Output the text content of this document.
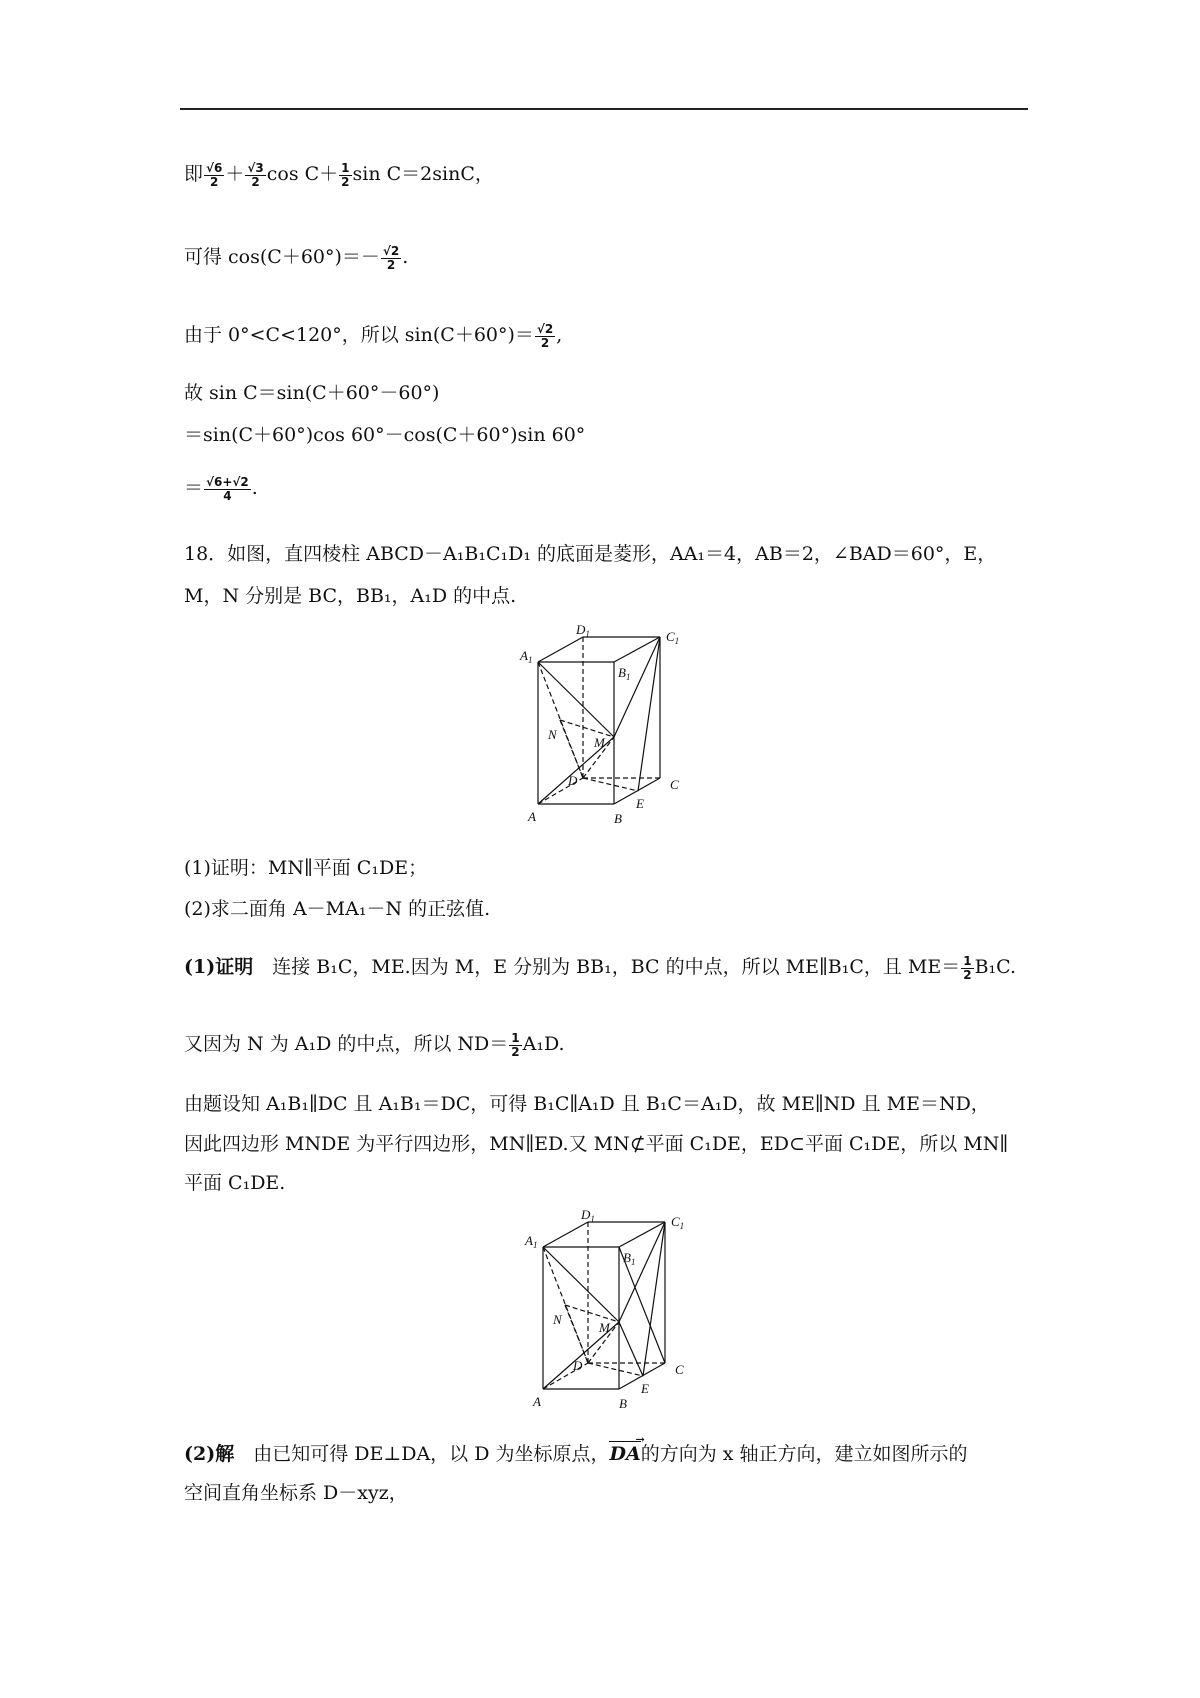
即 $\frac{√6}{2} + \frac{√3}{2}$ $\cos C+ \frac{1}{2}$ sin C＝2sinC，
可得 $\cos(C+60^\circ)=- \frac{√2}{2}$ .
由于 0°<C<120°，所以 $\sin(C+60^\circ)= \frac{√2}{2}$ ,
故 sin C＝sin(C＋60°－60°)
＝sin(C＋60°)cos 60°－cos(C＋60°)sin 60°
＝ $\frac{√6+√2}{4}$ .
18．如图，直四棱柱 ABCD－A₁B₁C₁D₁ 的底面是菱形，AA₁＝4，AB＝2，∠BAD＝60°，E，
M，N 分别是 BC，BB₁，A₁D 的中点.
$A_1$
$D_1$	$C_1$
$B_1$
N
M
D
A	B
E
C
(1)证明：MN∥平面 C₁DE；
(2)求二面角 A－MA₁－N 的正弦值.
(1)证明　连接 B₁C，ME.因为 M，E 分别为 BB₁，BC 的中点，所以 ME∥B₁C，且 $ME= \frac{1}{2} B_1C$.
又因为 N 为 A₁D 的中点，所以 $ND= \frac{1}{2} A_1D$.
由题设知 A₁B₁∥DC 且 A₁B₁＝DC，可得 B₁C∥A₁D 且 B₁C＝A₁D，故 ME∥ND 且 ME＝ND，
因此四边形 MNDE 为平行四边形，MN∥ED.又 MN⊄平面 C₁DE，ED⊂平面 C₁DE，所以 MN∥
平面 C₁DE.
$A_1$
$D_1$	$C_1$
$B_1$
N
M
D
A	B
E
C
(2)解　由已知可得 DE⊥DA，以 D 为坐标原点，DA
→
的方向为 x 轴正方向，建立如图所示的
空间直角坐标系 D－xyz，
